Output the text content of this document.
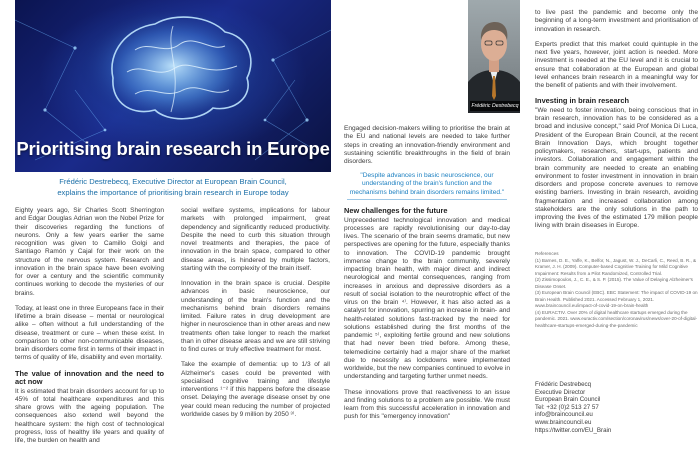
Prioritising brain research in Europe
Frédéric Destrebecq, Executive Director at European Brain Council,
explains the importance of prioritising brain research in Europe today

Eighty years ago, Sir Charles Scott Sherrington and Edgar Douglas Adrian won the Nobel Prize for their discoveries regarding the functions of neurons. Only a few years earlier the same recognition was given to Camillo Golgi and Santiago Ramón y Cajal for their work on the structure of the nervous system. Research and innovation in the brain space have been evolving for over a century and the scientific community continues working to decode the mysteries of our brains.

Today, at least one in three Europeans face in their lifetime a brain disease – mental or neurological alike – often without a full understanding of the disease, treatment or cure – when these exist. In comparison to other non-communicable diseases, brain disorders come first in terms of their impact in terms of quality of life, disability and even mortality.

The value of innovation and the need to act now

It is estimated that brain disorders account for up to 45% of total healthcare expenditures and this share grows with the ageing population. The consequences also extend well beyond the healthcare system: the high cost of technological progress, loss of healthy life years and quality of life, the burden on health and

social welfare systems, implications for labour markets with prolonged impairment, great dependency and significantly reduced productivity. Despite the need to curb this situation through novel treatments and therapies, the pace of innovation in the brain space, compared to other disease areas, is hindered by multiple factors, starting with the complexity of the brain itself.

Innovation in the brain space is crucial. Despite advances in basic neuroscience, our understanding of the brain's function and the mechanisms behind brain disorders remains limited. Failure rates in drug development are higher in neuroscience than in other areas and new treatments often take longer to reach the market than in other disease areas and we are still striving to find cures or truly effective treatment for most.

Take the example of dementia: up to 1/3 of all Alzheimer's cases could be prevented with specialised cognitive training and lifestyle interventions ¹⁻² if this happens before the disease onset. Delaying the average disease onset by one year could mean reducing the number of projected worldwide cases by 9 million by 2050 ³⁾.

Frédéric Destrebecq

Engaged decision-makers willing to prioritise the brain at the EU and national levels are needed to take further steps in creating an innovation-friendly environment and sustaining scientific breakthroughs in the field of brain disorders.

"Despite advances in basic neuroscience, our understanding of the brain's function and the mechanisms behind brain disorders remains limited."
New challenges for the future

Unprecedented technological innovation and medical processes are rapidly revolutionising our day-to-day lives. The scenario of the brain seems dramatic, but new perspectives are opening for the future, especially thanks to innovation. The COVID-19 pandemic brought immense change to the brain community, severely impacting brain health, with major direct and indirect neurological and mental consequences, ranging from increases in anxious and depressive disorders as a result of social isolation to the neurotrophic effect of the virus on the brain ⁴⁾. However, it has also acted as a catalyst for innovation, spurring an increase in brain- and health-related solutions fast-tracked by the need for solutions established during the first months of the pandemic ⁵⁾, exploiting fertile ground and new solutions that had never been tried before. Among these, telemedicine certainly had a major share of the market due to necessity as lockdowns were implemented worldwide, but the new companies continued to evolve in understanding and targeting further unmet needs.

These innovations prove that reactiveness to an issue and finding solutions to a problem are possible. We must learn from this successful acceleration in innovation and push for this "emergency innovation"

to live past the pandemic and become only the beginning of a long-term investment and prioritisation of innovation in research.

Experts predict that this market could quintuple in the next five years, however, joint action is needed. More investment is needed at the EU level and it is crucial to ensure that collaboration at the European and global level enhances brain research in a meaningful way for the benefit of patients and with their involvement.

Investing in brain research

"We need to foster innovation, being conscious that in brain research, innovation has to be considered as a broad and inclusive concept," said Prof Monica Di Luca, President of the European Brain Council, at the recent Brain Innovation Days, which brought together policymakers, researchers, start-ups, patients and investors. Collaboration and engagement within the brain community are needed to create an enabling environment to foster investment in innovation in brain disorders and propose concrete avenues to remove existing barriers. Investing in brain research, avoiding fragmentation and increased collaboration among stakeholders are the only solutions in the path to improving the lives of the estimated 179 million people living with brain diseases in Europe.

References
(1) Barnes, D. E., Yaffe, K., Belfor, N., Jagust, W. J., DeCarli, C., Reed, B. R., & Kramer, J. H. (2009). Computer-based Cognitive Training for Mild Cognitive Impairment: Results from a Pilot Randomized, Controlled Trial.
(2) Zissimopoulos, J., C. E., & S. P. (2015). The Value of Delaying Alzheimer's Disease Onset.
(3) European Brain Council (EBC). EBC Statement: The impact of COVID-19 on Brain Health. Published 2021. Accessed February 1, 2021. www.braincouncil.eu/impact-of-covid-19-on-brain-health
(4) EURACTIV. Over 20% of digital healthcare startups emerged during the pandemic. 2021. www.euractiv.com/section/coronavirus/news/over-20-of-digital-healthcare-startups-emerged-during-the-pandemic
Frédéric Destrebecq
Executive Director
European Brain Council
Tel: +32 (0)2 513 27 57
info@braincouncil.eu
www.braincouncil.eu
https://twitter.com/EU_Brain
